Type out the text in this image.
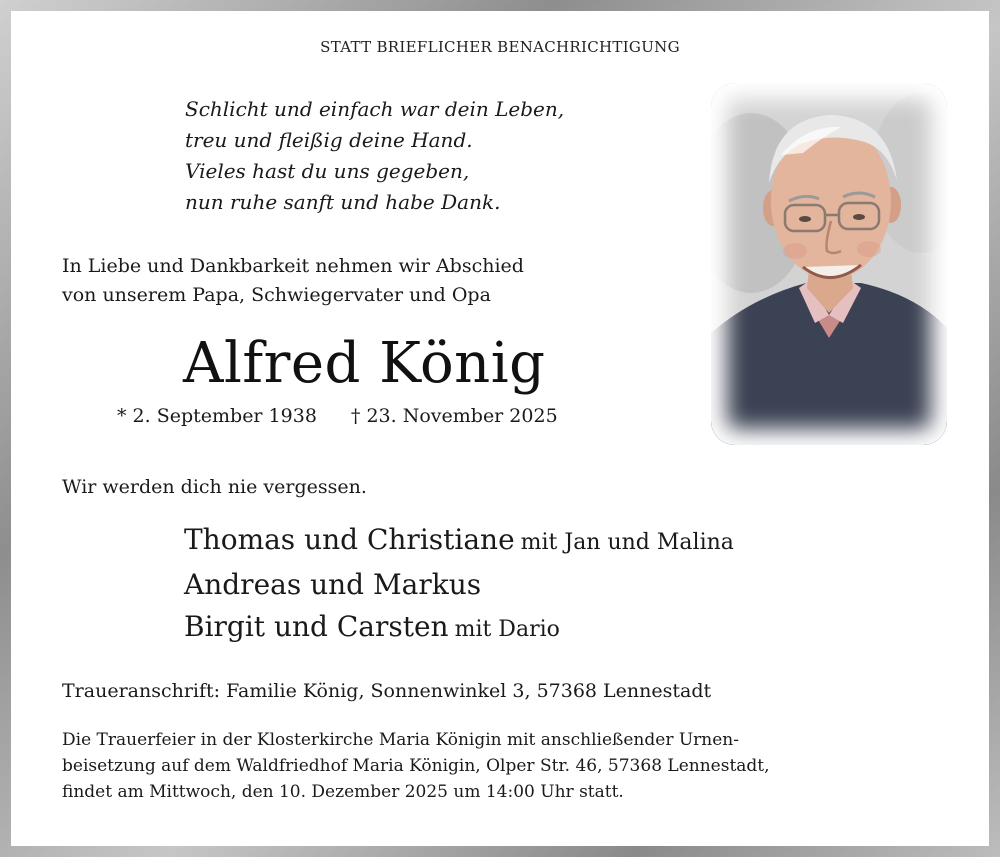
STATT BRIEFLICHER BENACHRICHTIGUNG
Schlicht und einfach war dein Leben,
treu und fleißig deine Hand.
Vieles hast du uns gegeben,
nun ruhe sanft und habe Dank.
In Liebe und Dankbarkeit nehmen wir Abschied
von unserem Papa, Schwiegervater und Opa
Alfred König
* 2. September 1938 † 23. November 2025
Wir werden dich nie vergessen.
Thomas und Christiane mit Jan und Malina
Andreas und Markus
Birgit und Carsten mit Dario
Traueranschrift: Familie König, Sonnenwinkel 3, 57368 Lennestadt
Die Trauerfeier in der Klosterkirche Maria Königin mit anschließender Urnen-
beisetzung auf dem Waldfriedhof Maria Königin, Olper Str. 46, 57368 Lennestadt,
findet am Mittwoch, den 10. Dezember 2025 um 14:00 Uhr statt.
